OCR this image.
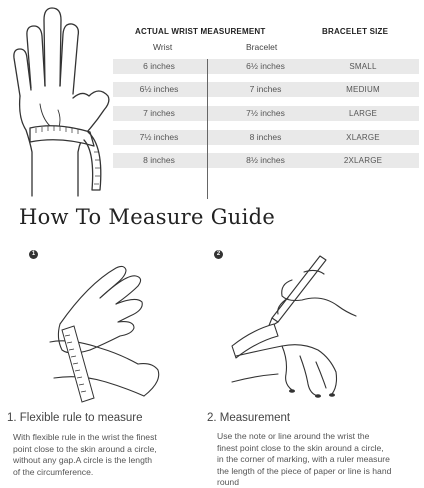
ACTUAL WRIST MEASUREMENT	BRACELET SIZE
Wrist	Bracelet
6 inches	6½ inches	SMALL
6½ inches	7 inches	MEDIUM
7 inches	7½ inches	LARGE
7½ inches	8 inches	XLARGE
8 inches	8½ inches	2XLARGE
How To Measure Guide
1
1. Flexible rule to measure
With flexible rule in the wrist the finest
point close to the skin around a circle,
without any gap.A circle is the length
of the circumference.
2
2. Measurement
Use the note or line around the wrist the
finest point close to the skin around a circle,
in the corner of marking, with a ruler measure
the length of the piece of paper or line is hand
round
